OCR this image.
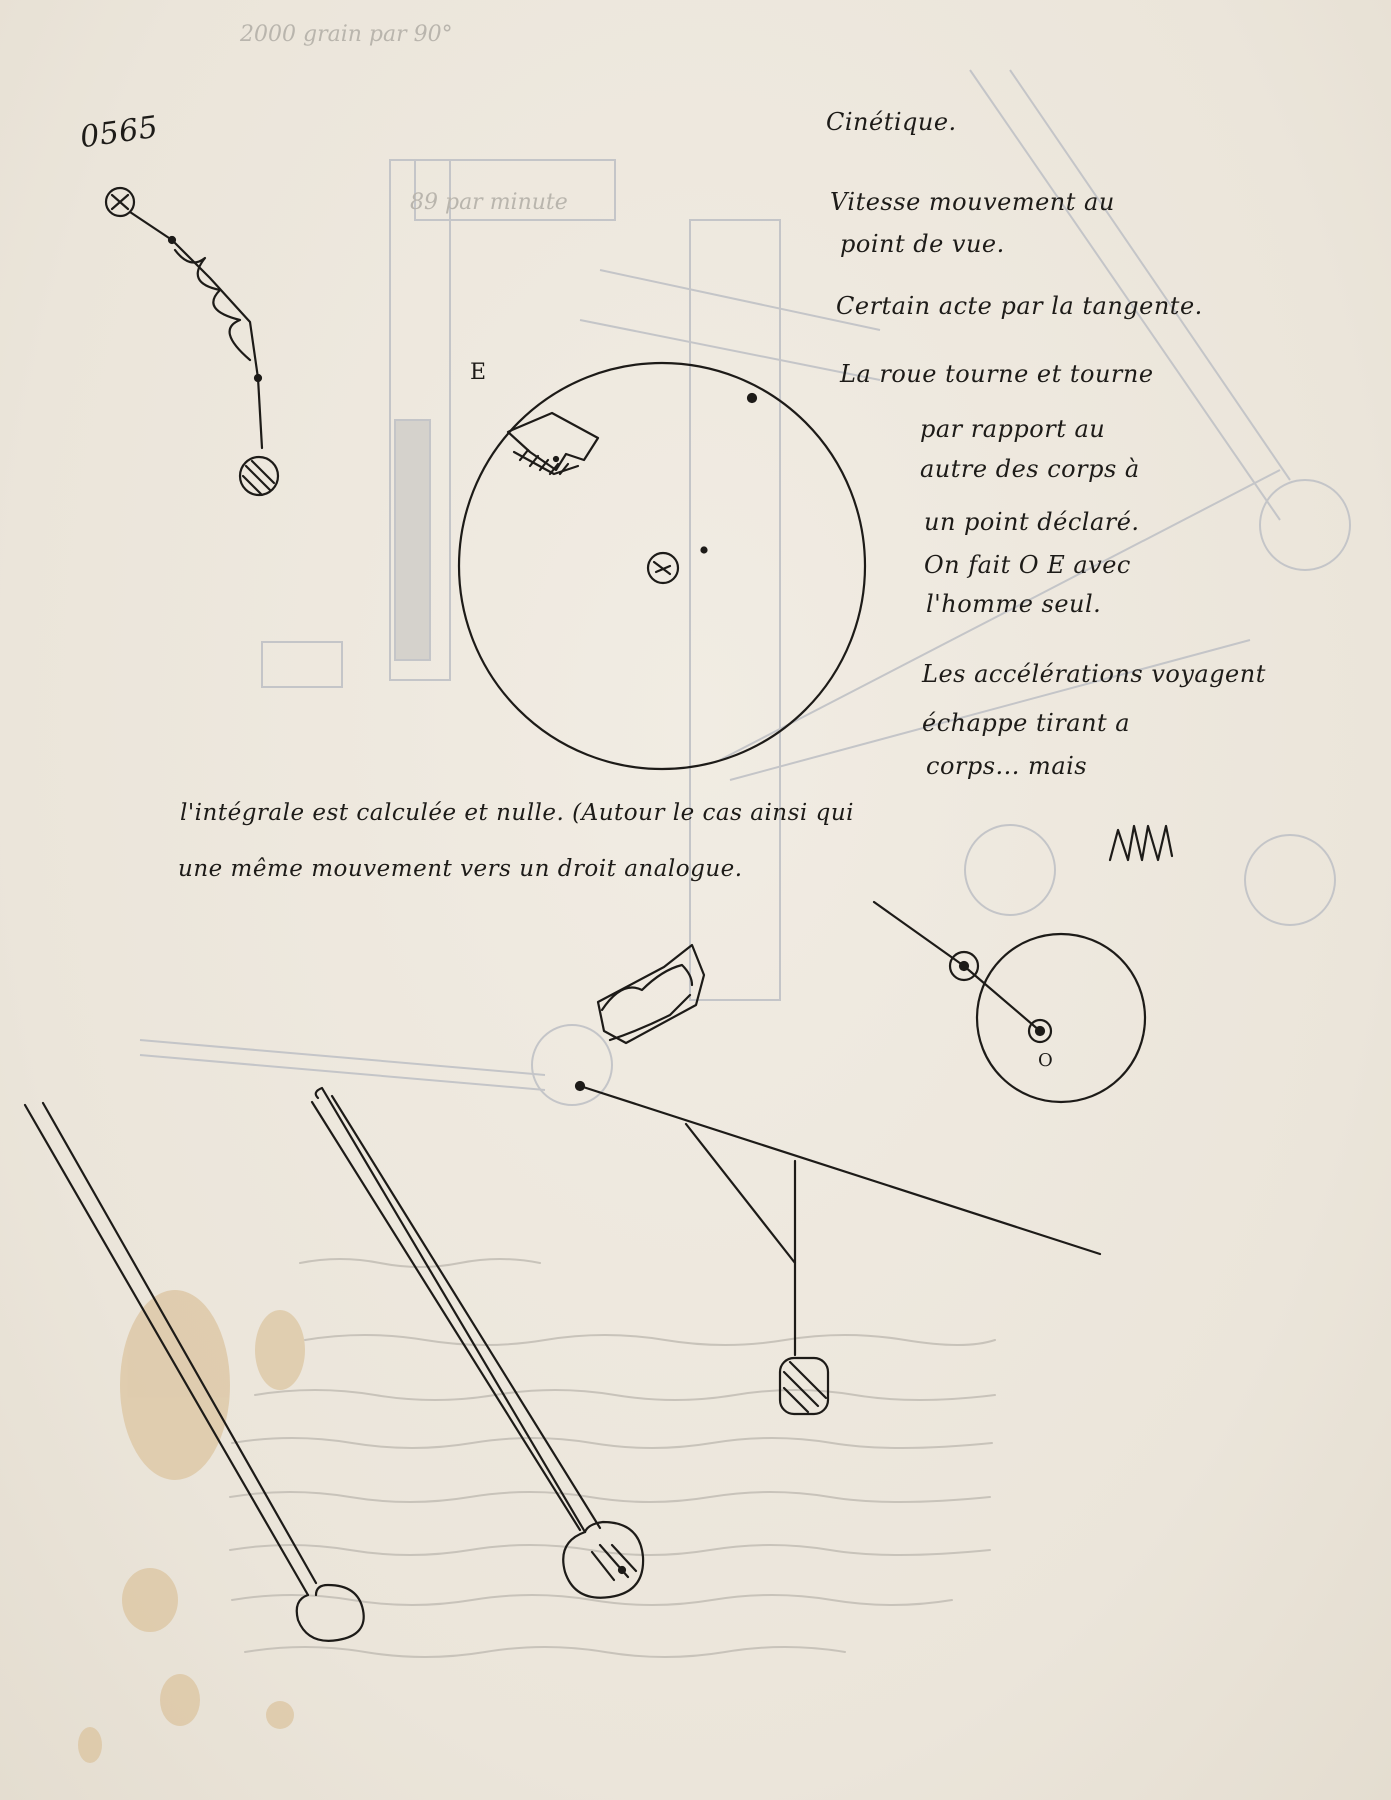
2000 grain par 90°
89 par minute
0565
E
O
Cinétique.
Vitesse mouvement au
point de vue.
Certain acte par la tangente.
La roue tourne et tourne
par rapport au
autre des corps à
un point déclaré.
On fait O E avec
l'homme seul.
Les accélérations voyagent
échappe tirant a
corps... mais
l'intégrale est calculée et nulle. (Autour le cas ainsi qui
une même mouvement vers un droit analogue.
